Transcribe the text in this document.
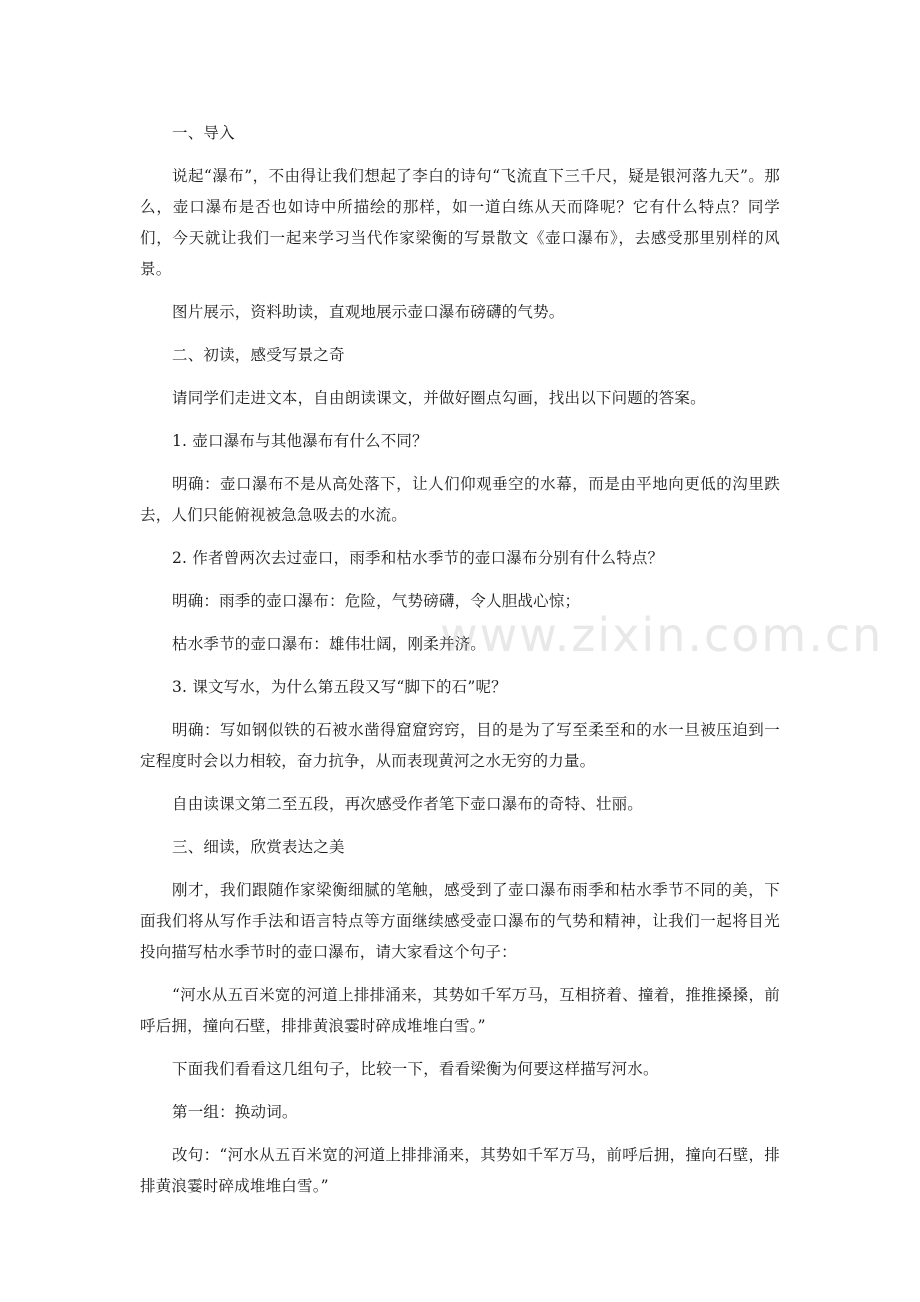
一、导入

说起“瀑布”，不由得让我们想起了李白的诗句“飞流直下三千尺，疑是银河落九天”。那么，壶口瀑布是否也如诗中所描绘的那样，如一道白练从天而降呢？它有什么特点？同学们，今天就让我们一起来学习当代作家梁衡的写景散文《壶口瀑布》，去感受那里别样的风景。

图片展示，资料助读，直观地展示壶口瀑布磅礴的气势。

二、初读，感受写景之奇

请同学们走进文本，自由朗读课文，并做好圈点勾画，找出以下问题的答案。

1. 壶口瀑布与其他瀑布有什么不同？

明确：壶口瀑布不是从高处落下，让人们仰观垂空的水幕，而是由平地向更低的沟里跌去，人们只能俯视被急急吸去的水流。

2. 作者曾两次去过壶口，雨季和枯水季节的壶口瀑布分别有什么特点？

明确：雨季的壶口瀑布：危险，气势磅礴，令人胆战心惊；

枯水季节的壶口瀑布：雄伟壮阔，刚柔并济。

3. 课文写水，为什么第五段又写“脚下的石”呢？

明确：写如钢似铁的石被水凿得窟窟窍窍，目的是为了写至柔至和的水一旦被压迫到一定程度时会以力相较，奋力抗争，从而表现黄河之水无穷的力量。

自由读课文第二至五段，再次感受作者笔下壶口瀑布的奇特、壮丽。

三、细读，欣赏表达之美

刚才，我们跟随作家梁衡细腻的笔触，感受到了壶口瀑布雨季和枯水季节不同的美，下面我们将从写作手法和语言特点等方面继续感受壶口瀑布的气势和精神，让我们一起将目光投向描写枯水季节时的壶口瀑布，请大家看这个句子：

“河水从五百米宽的河道上排排涌来，其势如千军万马，互相挤着、撞着，推推搡搡，前呼后拥，撞向石壁，排排黄浪霎时碎成堆堆白雪。”

下面我们看看这几组句子，比较一下，看看梁衡为何要这样描写河水。

第一组：换动词。

改句：“河水从五百米宽的河道上排排涌来，其势如千军万马，前呼后拥，撞向石壁，排排黄浪霎时碎成堆堆白雪。”

www.zixin.com.cn
